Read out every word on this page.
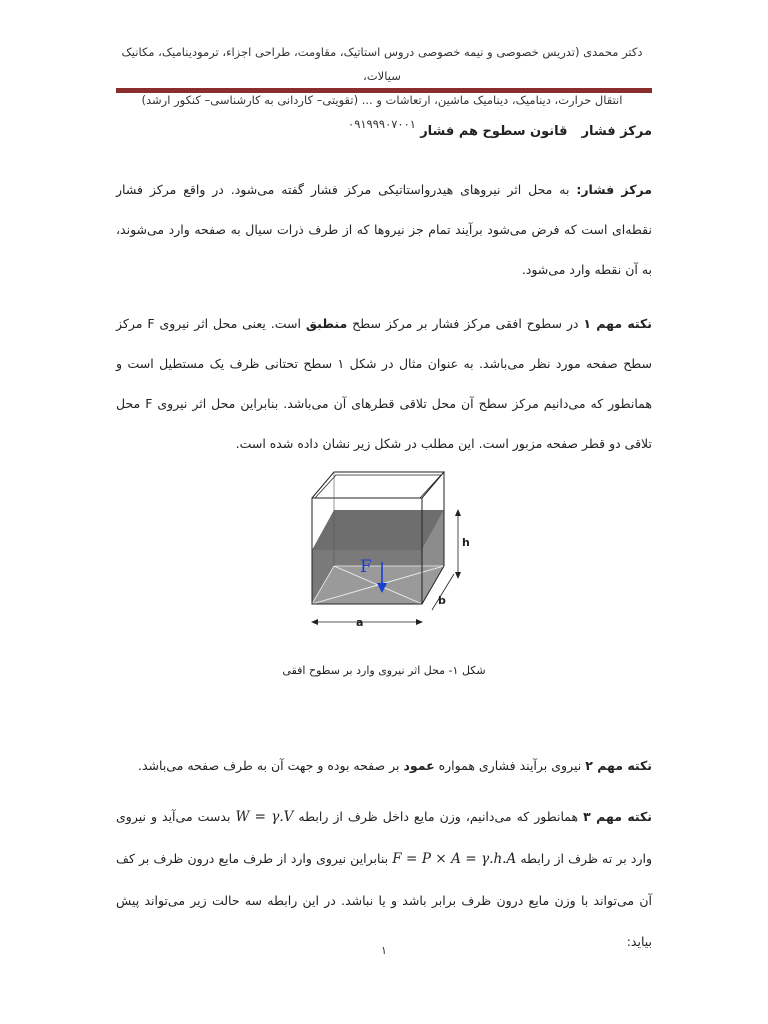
دکتر محمدی (تدریس خصوصی و نیمه خصوصی دروس استاتیک، مقاومت، طراحی اجزاء، ترمودینامیک، مکانیک سیالات،
انتقال حرارت، دینامیک، دینامیک ماشین، ارتعاشات و ... (تقویتی– کاردانی به کارشناسی– کنکور ارشد) ۰۹۱۹۹۹۰۷۰۰۱	مرکز فشارقانون سطوح هم فشار

مرکز فشار: به محل اثر نیروهای هیدرواستاتیکی مرکز فشار گفته می‌شود. در واقع مرکز فشار نقطه‌ای است که فرض می‌شود برآیند تمام جز نیروها که از طرف ذرات سیال به صفحه وارد می‌شوند، به آن نقطه وارد می‌شود.

نکته مهم ۱ در سطوح افقی مرکز فشار بر مرکز سطح منطبق است. یعنی محل اثر نیروی F مرکز سطح صفحه مورد نظر می‌باشد. به عنوان مثال در شکل ۱ سطح تحتانی ظرف یک مستطیل است و همانطور که می‌دانیم مرکز سطح آن محل تلاقی قطرهای آن می‌باشد. بنابراین محل اثر نیروی F محل تلاقی دو قطر صفحه مزبور است. این مطلب در شکل زیر نشان داده شده است.

F
h
b
a
شکل ۱- محل اثر نیروی وارد بر سطوح افقی
نکته مهم ۲ نیروی برآیند فشاری همواره عمود بر صفحه بوده و جهت آن به طرف صفحه می‌باشد.

نکته مهم ۳ همانطور که می‌دانیم، وزن مایع داخل ظرف از رابطه W = γ.V بدست می‌آید و نیروی وارد بر ته ظرف از رابطه F = P × A = γ.h.A بنابراین نیروی وارد از طرف مایع درون ظرف بر کف آن می‌تواند با وزن مایع درون ظرف برابر باشد و یا نباشد. در این رابطه سه حالت زیر می‌تواند پیش بیاید:

۱
